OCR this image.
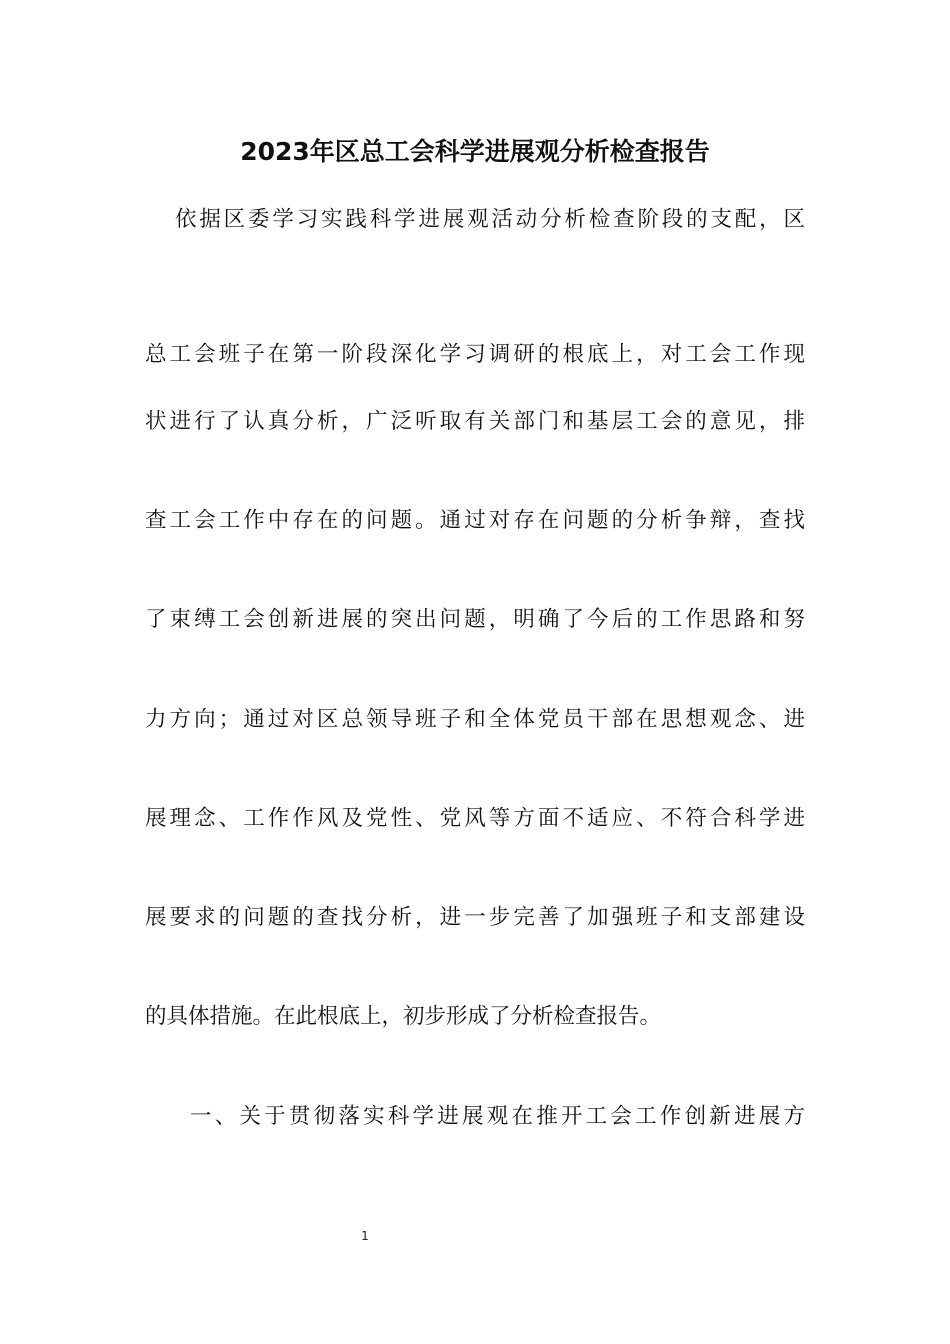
2023年区总工会科学进展观分析检查报告
依据区委学习实践科学进展观活动分析检查阶段的支配，区
总工会班子在第一阶段深化学习调研的根底上，对工会工作现
状进行了认真分析，广泛听取有关部门和基层工会的意见，排
查工会工作中存在的问题。通过对存在问题的分析争辩，查找
了束缚工会创新进展的突出问题，明确了今后的工作思路和努
力方向；通过对区总领导班子和全体党员干部在思想观念、进
展理念、工作作风及党性、党风等方面不适应、不符合科学进
展要求的问题的查找分析，进一步完善了加强班子和支部建设
的具体措施。在此根底上，初步形成了分析检查报告。
一、关于贯彻落实科学进展观在推开工会工作创新进展方
1
